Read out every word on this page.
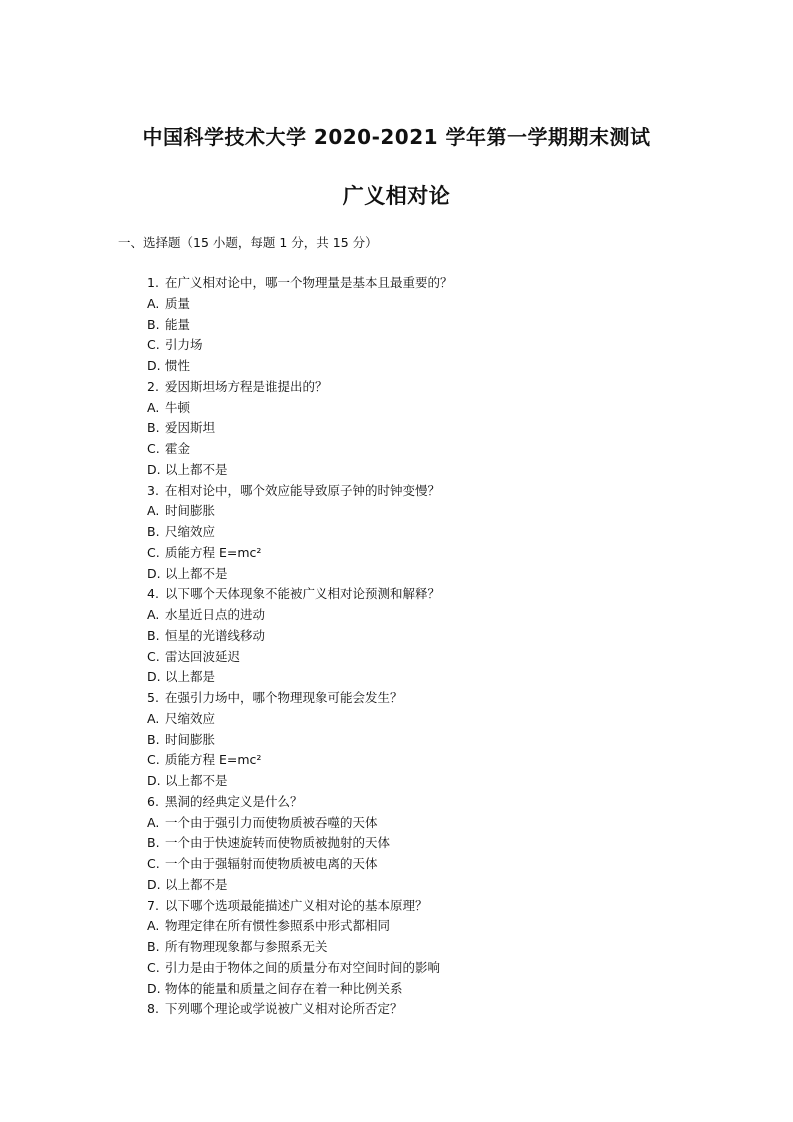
中国科学技术大学 2020-2021 学年第一学期期末测试
广义相对论
一、选择题（15 小题，每题 1 分，共 15 分）
1. 在广义相对论中，哪一个物理量是基本且最重要的？
A. 质量
B. 能量
C. 引力场
D. 惯性
2. 爱因斯坦场方程是谁提出的？
A. 牛顿
B. 爱因斯坦
C. 霍金
D. 以上都不是
3. 在相对论中，哪个效应能导致原子钟的时钟变慢？
A. 时间膨胀
B. 尺缩效应
C. 质能方程 E=mc²
D. 以上都不是
4. 以下哪个天体现象不能被广义相对论预测和解释？
A. 水星近日点的进动
B. 恒星的光谱线移动
C. 雷达回波延迟
D. 以上都是
5. 在强引力场中，哪个物理现象可能会发生？
A. 尺缩效应
B. 时间膨胀
C. 质能方程 E=mc²
D. 以上都不是
6. 黑洞的经典定义是什么？
A. 一个由于强引力而使物质被吞噬的天体
B. 一个由于快速旋转而使物质被抛射的天体
C. 一个由于强辐射而使物质被电离的天体
D. 以上都不是
7. 以下哪个选项最能描述广义相对论的基本原理？
A. 物理定律在所有惯性参照系中形式都相同
B. 所有物理现象都与参照系无关
C. 引力是由于物体之间的质量分布对空间时间的影响
D. 物体的能量和质量之间存在着一种比例关系
8. 下列哪个理论或学说被广义相对论所否定？
